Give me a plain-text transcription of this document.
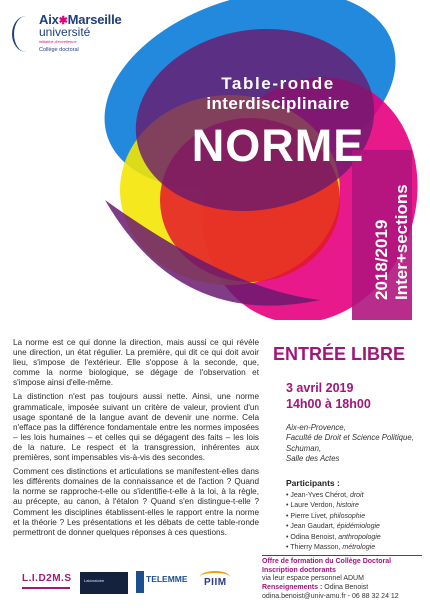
Aix✱Marseille
université
initiative d'excellence
Collège doctoral
Table-ronde
interdisciplinaire
NORME
2018/2019 Inter+sections

La norme est ce qui donne la direction, mais aussi ce qui révèle une direction, un état régulier. La première, qui dit ce qui doit avoir lieu, s'impose de l'extérieur. Elle s'oppose à la seconde, que, comme la norme biologique, se dégage de l'observation et s'impose ainsi d'elle-même.

La distinction n'est pas toujours aussi nette. Ainsi, une norme grammaticale, imposée suivant un critère de valeur, provient d'un usage spontané de la langue avant de devenir une norme. Cela n'efface pas la différence fondamentale entre les normes imposées – les lois humaines – et celles qui se dégagent des faits – les lois de la nature. Le respect et la transgression, inhérentes aux premières, sont impensables vis-à-vis des secondes.

Comment ces distinctions et articulations se manifestent-elles dans les différents domaines de la connaissance et de l'action ? Quand la norme se rapproche-t-elle ou s'identifie-t-elle à la loi, à la règle, au précepte, au canon, à l'étalon ? Quand s'en distingue-t-elle ? Comment les disciplines établissent-elles le rapport entre la norme et la théorie ? Les présentations et les débats de cette table-ronde permettront de donner quelques réponses à ces questions.

ENTRÉE LIBRE
3 avril 2019
14h00 à 18h00
Aix-en-Provence,
Faculté de Droit et Science Politique,
Schuman,
Salle des Actes
Participants :
• Jean-Yves Chérot, droit
• Laure Verdon, histoire
• Pierre Livet, philosophie
• Jean Gaudart, épidémiologie
• Odina Benoist, anthropologie
• Thierry Masson, métrologie
Offre de formation du Collège Doctoral
Inscription doctorants
via leur espace personnel ADUM
Renseignements : Odina Benoist
odina.benoist@univ-amu.fr - 06 88 32 24 12
L.I.D2M.S	Laboratoire	TELEMME PIIM
